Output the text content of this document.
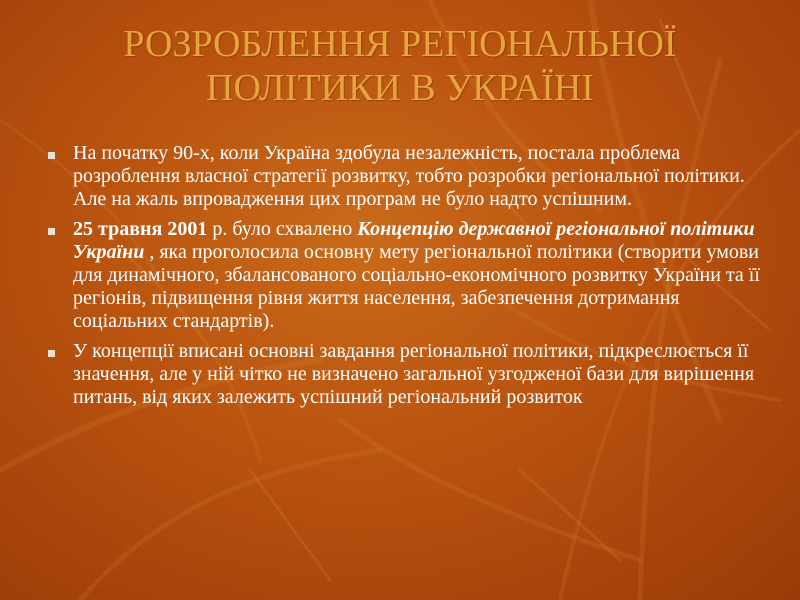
РОЗРОБЛЕННЯ РЕГІОНАЛЬНОЇ ПОЛІТИКИ В УКРАЇНІ
На початку 90-х, коли Україна здобула незалежність, постала проблема розроблення власної стратегії розвитку, тобто розробки регіональної політики. Але на жаль впровадження цих програм не було надто успішним.
25 травня 2001 р. було схвалено Концепцію державної регіональної політики України , яка проголосила основну мету регіональної політики (створити умови для динамічного, збалансованого соціально-економічного розвитку України та її регіонів, підвищення рівня життя населення, забезпечення дотримання соціальних стандартів).
У концепції вписані основні завдання регіональної політики, підкреслюється її значення, але у ній чітко не визначено загальної узгодженої бази для вирішення питань, від яких залежить успішний регіональний розвиток
